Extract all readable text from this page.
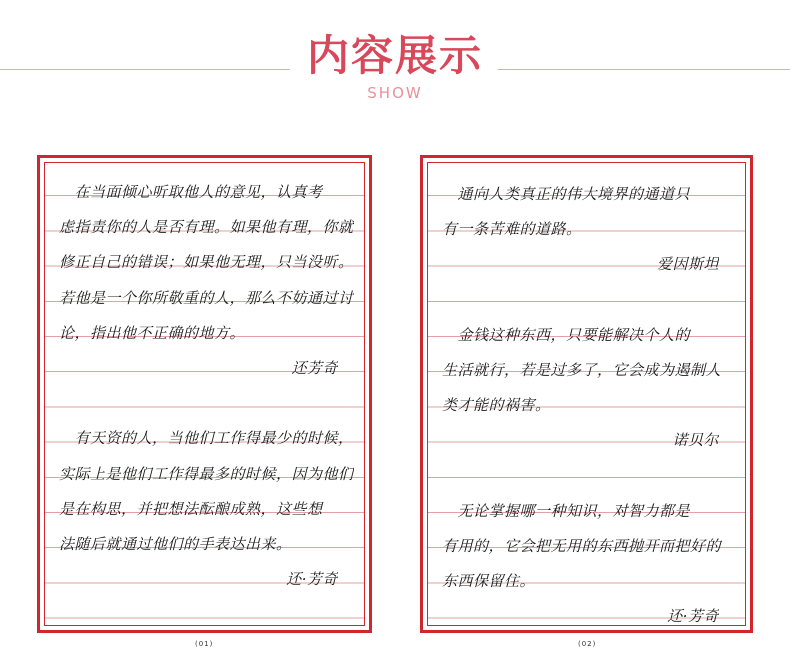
内容展示
SHOW
　在当面倾心听取他人的意见，认真考
虑指责你的人是否有理。如果他有理，你就
修正自己的错误；如果他无理，只当没听。
若他是一个你所敬重的人，那么不妨通过讨
论，指出他不正确的地方。
还芳奇
　有天资的人，当他们工作得最少的时候，
实际上是他们工作得最多的时候，因为他们
是在构思，并把想法酝酿成熟，这些想
法随后就通过他们的手表达出来。
还·芳奇
(01)
　通向人类真正的伟大境界的通道只
有一条苦难的道路。
爱因斯坦
　金钱这种东西，只要能解决个人的
生活就行，若是过多了，它会成为遏制人
类才能的祸害。
诺贝尔
　无论掌握哪一种知识，对智力都是
有用的，它会把无用的东西抛开而把好的
东西保留住。
还·芳奇
(02)
